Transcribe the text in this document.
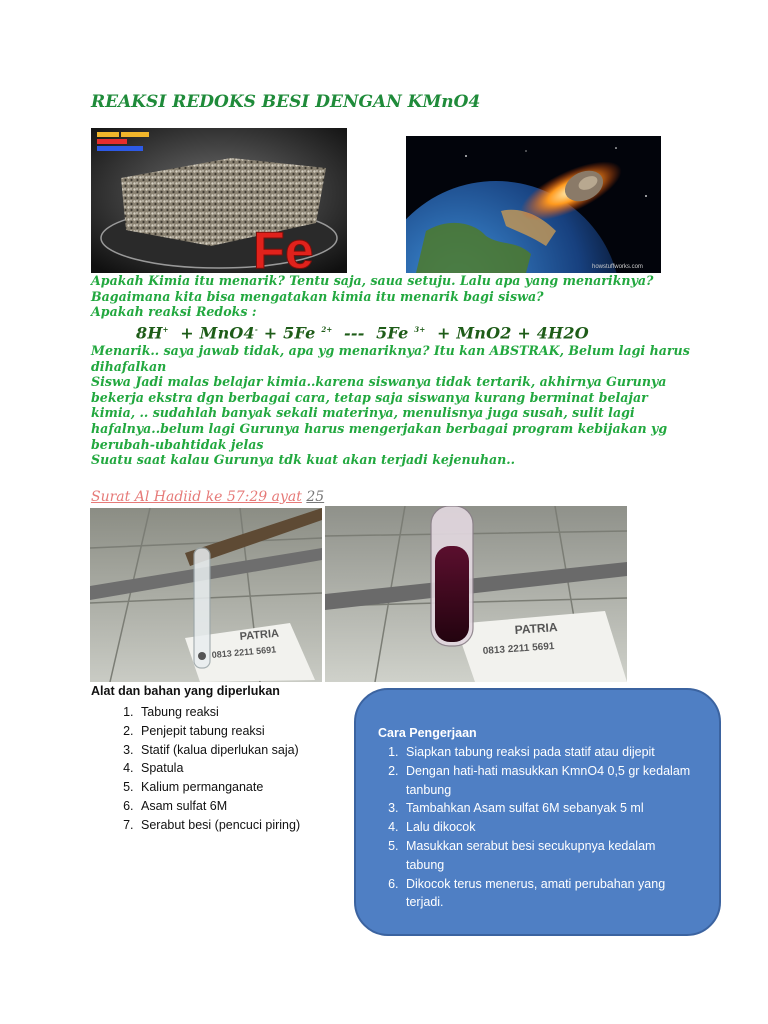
REAKSI REDOKS BESI DENGAN KMnO4
Fe	howstuffworks.com

Apakah Kimia itu menarik? Tentu saja, saua setuju. Lalu apa yang menariknya?

Bagaimana kita bisa mengatakan kimia itu menarik bagi siswa?

Apakah reaksi Redoks :

8H+ + MnO4- + 5Fe $^{2+}$ --- 5Fe $^{3+}$ + MnO2 + 4H2O

Menarik.. saya jawab tidak, apa yg menariknya? Itu kan ABSTRAK, Belum lagi harus dihafalkan

Siswa Jadi malas belajar kimia..karena siswanya tidak tertarik, akhirnya Gurunya bekerja ekstra dgn berbagai cara, tetap saja siswanya kurang berminat belajar kimia, .. sudahlah banyak sekali materinya, menulisnya juga susah, sulit lagi hafalnya..belum lagi Gurunya harus mengerjakan berbagai program kebijakan yg berubah-ubahtidak jelas

Suatu saat kalau Gurunya tdk kuat akan terjadi kejenuhan..

Surat Al Hadiid ke 57:29 ayat 25
PATRIA
0813 2211 5691
PATRIA
0813 2211 5691
Alat dan bahan yang diperlukan
1. Tabung reaksi
2. Penjepit tabung reaksi
3. Statif (kalua diperlukan saja)
4. Spatula
5. Kalium permanganate
6. Asam sulfat 6M
7. Serabut besi (pencuci piring)
Cara Pengerjaan
1. Siapkan tabung reaksi pada statif atau dijepit
2. Dengan hati-hati masukkan KmnO4 0,5 gr kedalam tanbung
3. Tambahkan Asam sulfat 6M sebanyak 5 ml
4. Lalu dikocok
5. Masukkan serabut besi secukupnya kedalam tabung
6. Dikocok terus menerus, amati perubahan yang terjadi.
